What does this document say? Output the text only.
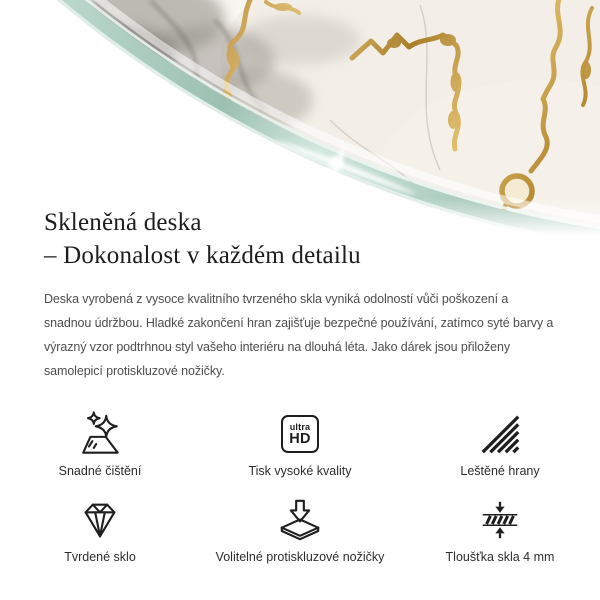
Skleněná deska
– Dokonalost v každém detailu

Deska vyrobená z vysoce kvalitního tvrzeného skla vyniká odolností vůči poškození a snadnou údržbou. Hladké zakončení hran zajišťuje bezpečné používání, zatímco syté barvy a výrazný vzor podtrhnou styl vašeho interiéru na dlouhá léta. Jako dárek jsou přiloženy samolepicí protiskluzové nožičky.

Snadné čištění
ultra
HD
Tisk vysoké kvality	Leštěné hrany
Tvrdené sklo	Volitelné protiskluzové nožičky	Tloušťka skla 4 mm
